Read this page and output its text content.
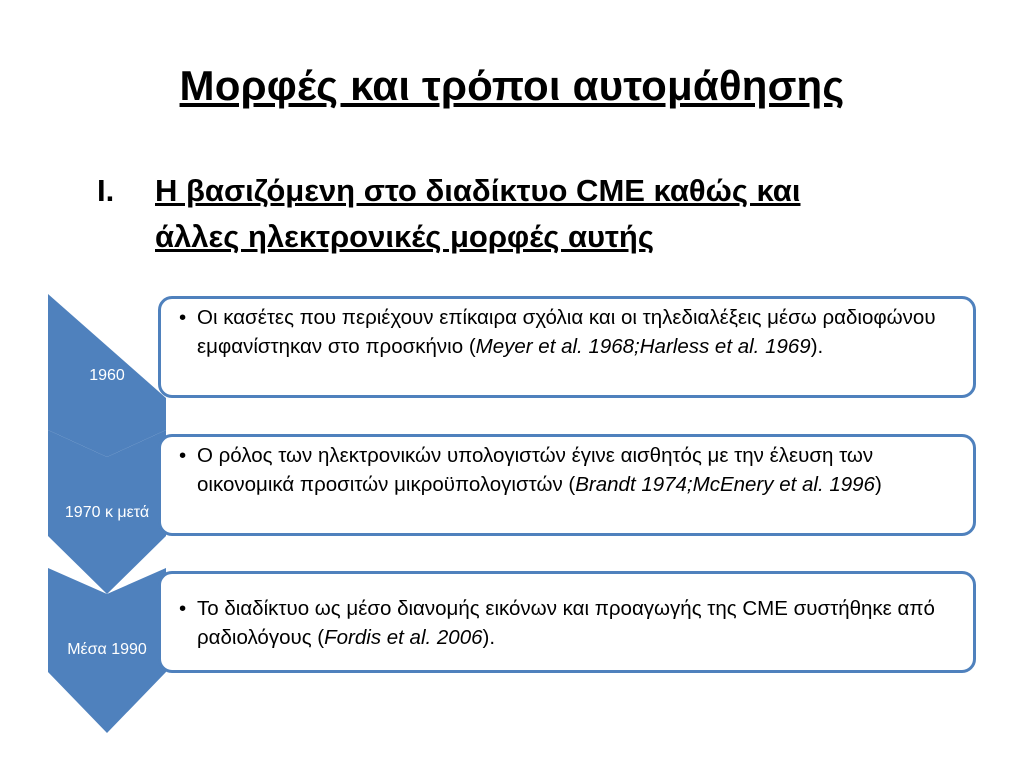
Μορφές και τρόποι αυτομάθησης
I. Η βασιζόμενη στο διαδίκτυο CME καθώς και
άλλες ηλεκτρονικές μορφές αυτής
1960
• Οι κασέτες που περιέχουν επίκαιρα σχόλια και οι τηλεδιαλέξεις μέσω ραδιοφώνου εμφανίστηκαν στο προσκήνιο (Meyer et al. 1968;Harless et al. 1969).
1970 κ μετά
• Ο ρόλος των ηλεκτρονικών υπολογιστών έγινε αισθητός με την έλευση των οικονομικά προσιτών μικροϋπολογιστών (Brandt 1974;McEnery et al. 1996)
Μέσα 1990
• Το διαδίκτυο ως μέσο διανομής εικόνων και προαγωγής της CME συστήθηκε από ραδιολόγους (Fordis et al. 2006).
